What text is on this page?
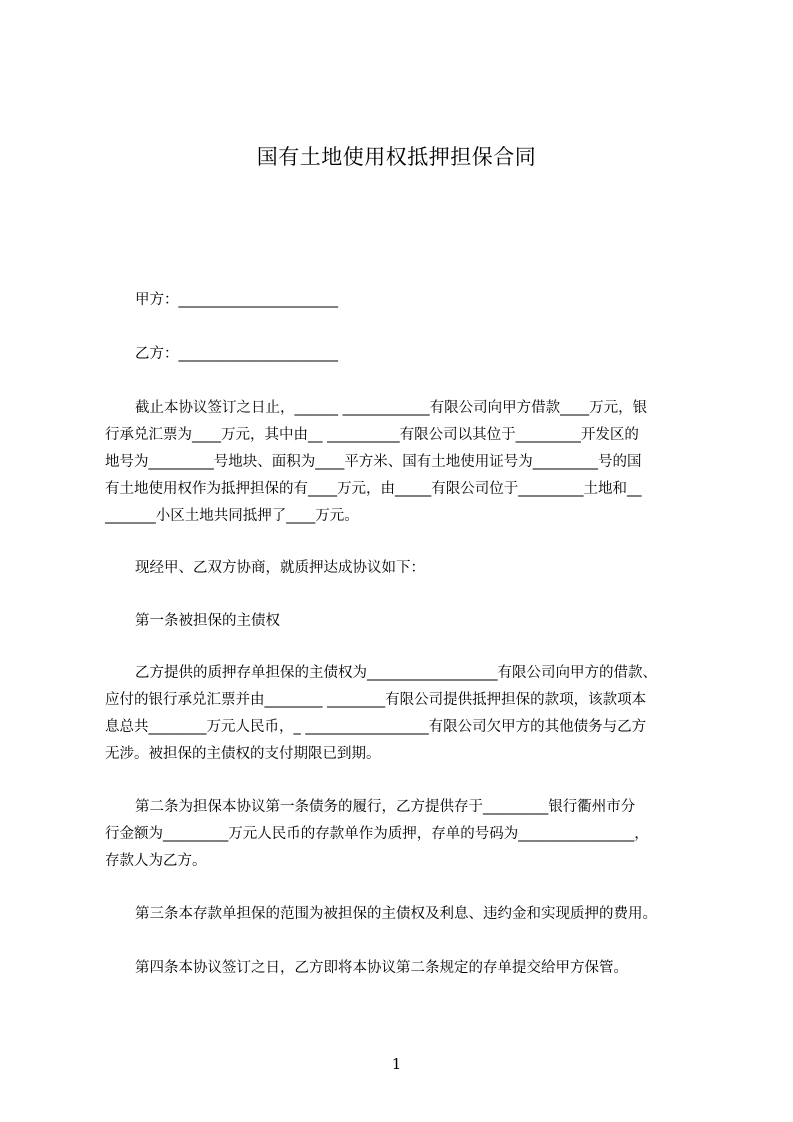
国有土地使用权抵押担保合同
甲方：______________________
乙方：______________________
截止本协议签订之日止，______ ____________有限公司向甲方借款____万元，银
行承兑汇票为____万元，其中由__ __________有限公司以其位于_________开发区的
地号为_________号地块、面积为____平方米、国有土地使用证号为_________号的国
有土地使用权作为抵押担保的有____万元，由_____有限公司位于_________土地和__
_______小区土地共同抵押了____万元。
现经甲、乙双方协商，就质押达成协议如下：
第一条被担保的主债权
乙方提供的质押存单担保的主债权为__________________有限公司向甲方的借款、
应付的银行承兑汇票并由________ ________有限公司提供抵押担保的款项，该款项本
息总共________万元人民币，_ _________________有限公司欠甲方的其他债务与乙方
无涉。被担保的主债权的支付期限已到期。
第二条为担保本协议第一条债务的履行，乙方提供存于_________银行衢州市分
行金额为_________万元人民币的存款单作为质押，存单的号码为________________，
存款人为乙方。
第三条本存款单担保的范围为被担保的主债权及利息、违约金和实现质押的费用。
第四条本协议签订之日，乙方即将本协议第二条规定的存单提交给甲方保管。
1
